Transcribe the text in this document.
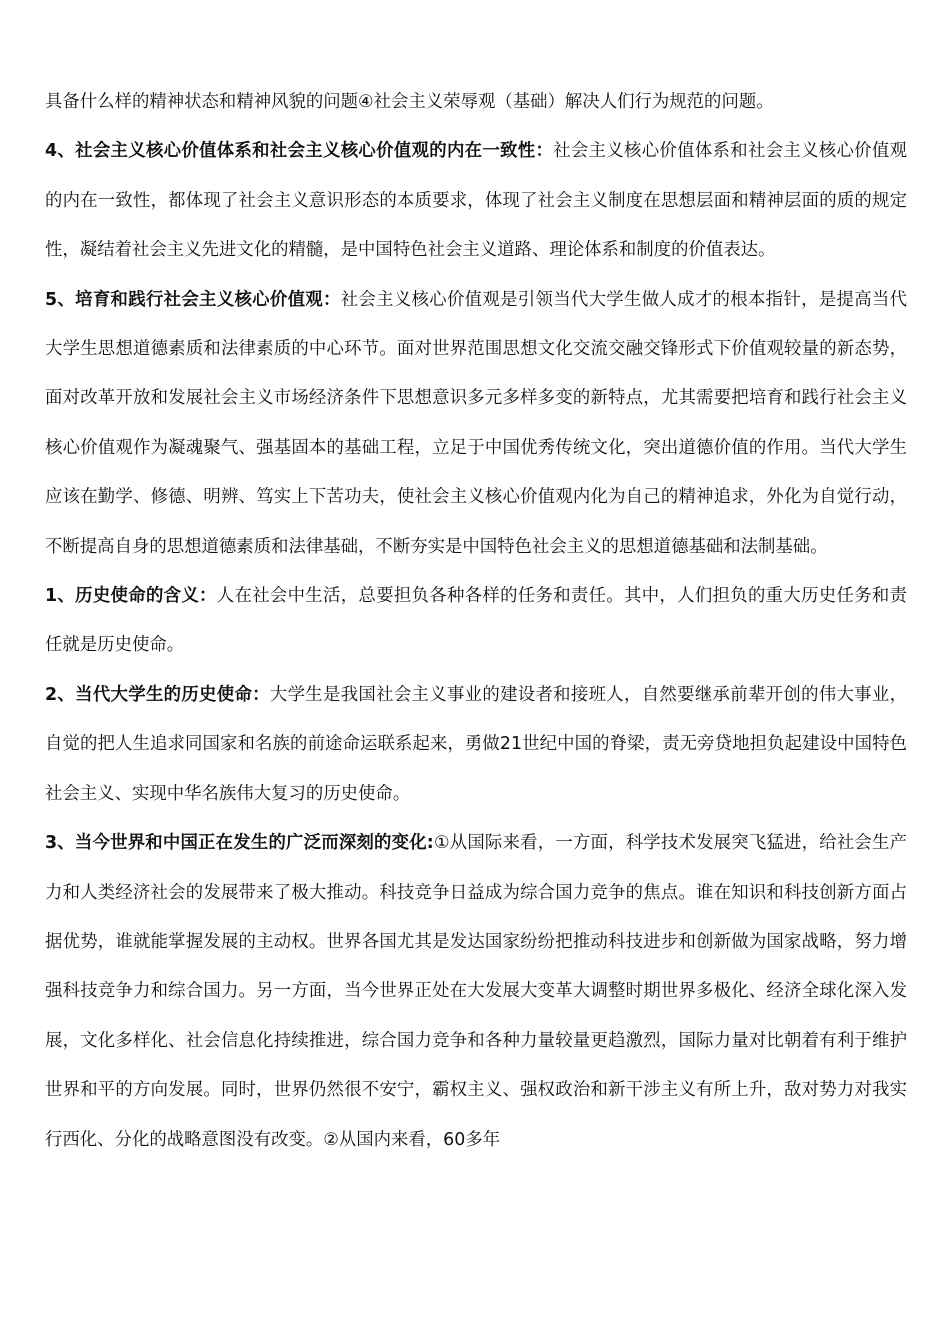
具备什么样的精神状态和精神风貌的问题④社会主义荣辱观（基础）解决人们行为规范的问题。

4、社会主义核心价值体系和社会主义核心价值观的内在一致性：社会主义核心价值体系和社会主义核心价值观的内在一致性，都体现了社会主义意识形态的本质要求，体现了社会主义制度在思想层面和精神层面的质的规定性，凝结着社会主义先进文化的精髓，是中国特色社会主义道路、理论体系和制度的价值表达。

5、培育和践行社会主义核心价值观：社会主义核心价值观是引领当代大学生做人成才的根本指针，是提高当代大学生思想道德素质和法律素质的中心环节。面对世界范围思想文化交流交融交锋形式下价值观较量的新态势，面对改革开放和发展社会主义市场经济条件下思想意识多元多样多变的新特点，尤其需要把培育和践行社会主义核心价值观作为凝魂聚气、强基固本的基础工程，立足于中国优秀传统文化，突出道德价值的作用。当代大学生应该在勤学、修德、明辨、笃实上下苦功夫，使社会主义核心价值观内化为自己的精神追求，外化为自觉行动，不断提高自身的思想道德素质和法律基础，不断夯实是中国特色社会主义的思想道德基础和法制基础。

1、历史使命的含义：人在社会中生活，总要担负各种各样的任务和责任。其中，人们担负的重大历史任务和责任就是历史使命。

2、当代大学生的历史使命：大学生是我国社会主义事业的建设者和接班人，自然要继承前辈开创的伟大事业，自觉的把人生追求同国家和名族的前途命运联系起来，勇做21世纪中国的脊梁，责无旁贷地担负起建设中国特色社会主义、实现中华名族伟大复习的历史使命。

3、当今世界和中国正在发生的广泛而深刻的变化:①从国际来看，一方面，科学技术发展突飞猛进，给社会生产力和人类经济社会的发展带来了极大推动。科技竞争日益成为综合国力竞争的焦点。谁在知识和科技创新方面占据优势，谁就能掌握发展的主动权。世界各国尤其是发达国家纷纷把推动科技进步和创新做为国家战略，努力增强科技竞争力和综合国力。另一方面，当今世界正处在大发展大变革大调整时期世界多极化、经济全球化深入发展，文化多样化、社会信息化持续推进，综合国力竞争和各种力量较量更趋激烈，国际力量对比朝着有利于维护世界和平的方向发展。同时，世界仍然很不安宁，霸权主义、强权政治和新干涉主义有所上升，敌对势力对我实行西化、分化的战略意图没有改变。②从国内来看，60多年
